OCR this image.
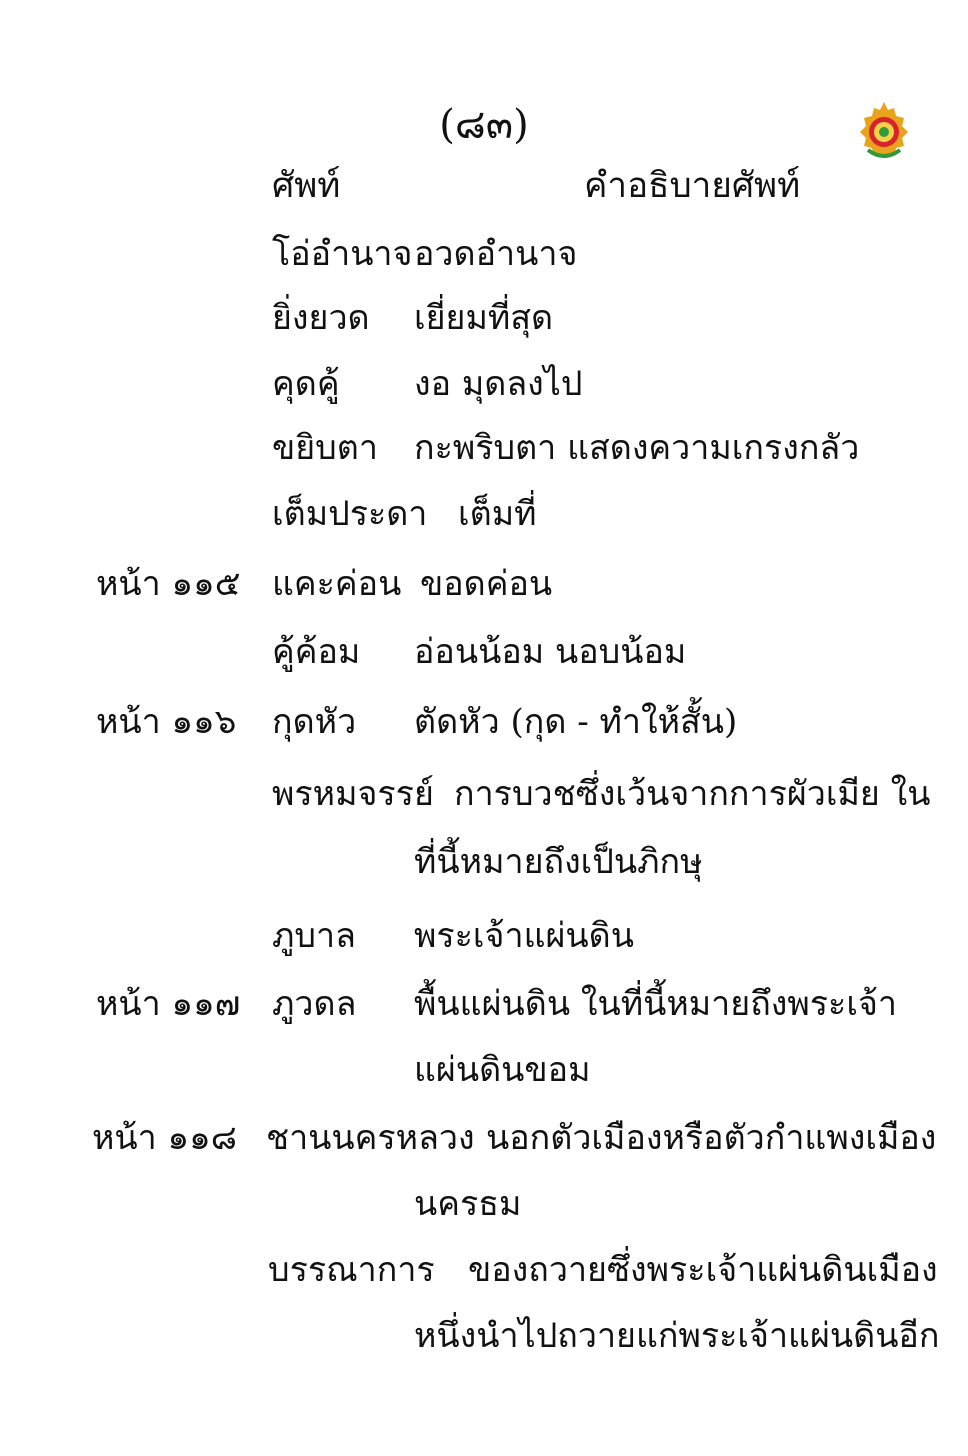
(๘๓)
ศัพท์	คำอธิบายศัพท์
โอ่อำนาจ อวดอำนาจ
ยิ่งยวด เยี่ยมที่สุด
คุดคู้ งอ มุดลงไป
ขยิบตา กะพริบตา แสดงความเกรงกลัว
เต็มประดา เต็มที่
หน้า ๑๑๕ แคะค่อน ขอดค่อน
คู้ค้อม อ่อนน้อม นอบน้อม
หน้า ๑๑๖ กุดหัว ตัดหัว (กุด - ทำให้สั้น)
พรหมจรรย์ การบวชซึ่งเว้นจากการผัวเมีย ใน
ที่นี้หมายถึงเป็นภิกษุ
ภูบาล พระเจ้าแผ่นดิน
หน้า ๑๑๗ ภูวดล พื้นแผ่นดิน ในที่นี้หมายถึงพระเจ้า
แผ่นดินขอม
หน้า ๑๑๘ ชานนครหลวง นอกตัวเมืองหรือตัวกำแพงเมือง
นครธม
บรรณาการ ของถวายซึ่งพระเจ้าแผ่นดินเมือง
หนึ่งนำไปถวายแก่พระเจ้าแผ่นดินอีก
